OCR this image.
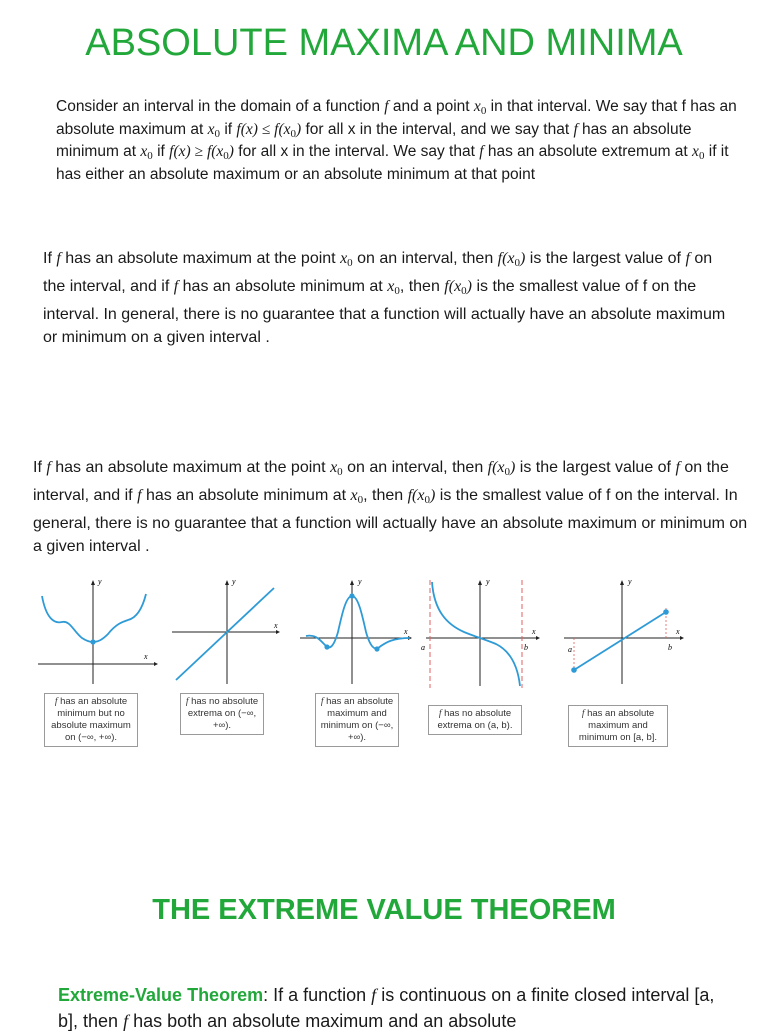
ABSOLUTE MAXIMA AND MINIMA

Consider an interval in the domain of a function f and a point $x_0$ in that interval. We say that f has an absolute maximum at $x_0$ if $f(x) \le f(x_0)$ for all x in the interval, and we say that f has an absolute minimum at $x_0$ if $f(x) \ge f(x_0)$ for all x in the interval. We say that f has an absolute extremum at $x_0$ if it has either an absolute maximum or an absolute minimum at that point

If f has an absolute maximum at the point $x_0$ on an interval, then $f(x_0)$ is the largest value of f on the interval, and if f has an absolute minimum at $x_0$, then $f(x_0)$ is the smallest value of f on the interval. In general, there is no guarantee that a function will actually have an absolute maximum or minimum on a given interval .

If f has an absolute maximum at the point $x_0$ on an interval, then $f(x_0)$ is the largest value of f on the interval, and if f has an absolute minimum at $x_0$, then $f(x_0)$ is the smallest value of f on the interval. In general, there is no guarantee that a function will actually have an absolute maximum or minimum on a given interval .

y
x
f has an absolute minimum but no absolute maximum on (−∞, +∞).
y
x
f has no absolute extrema on (−∞, +∞).
y
x
f has an absolute maximum and minimum on (−∞, +∞).
y
x
a	b
f has no absolute extrema on (a, b).
y
x
a	b
f has an absolute maximum and minimum on [a, b].
THE EXTREME VALUE THEOREM

Extreme-Value Theorem: If a function f is continuous on a finite closed interval [a, b], then f has both an absolute maximum and an absolute
